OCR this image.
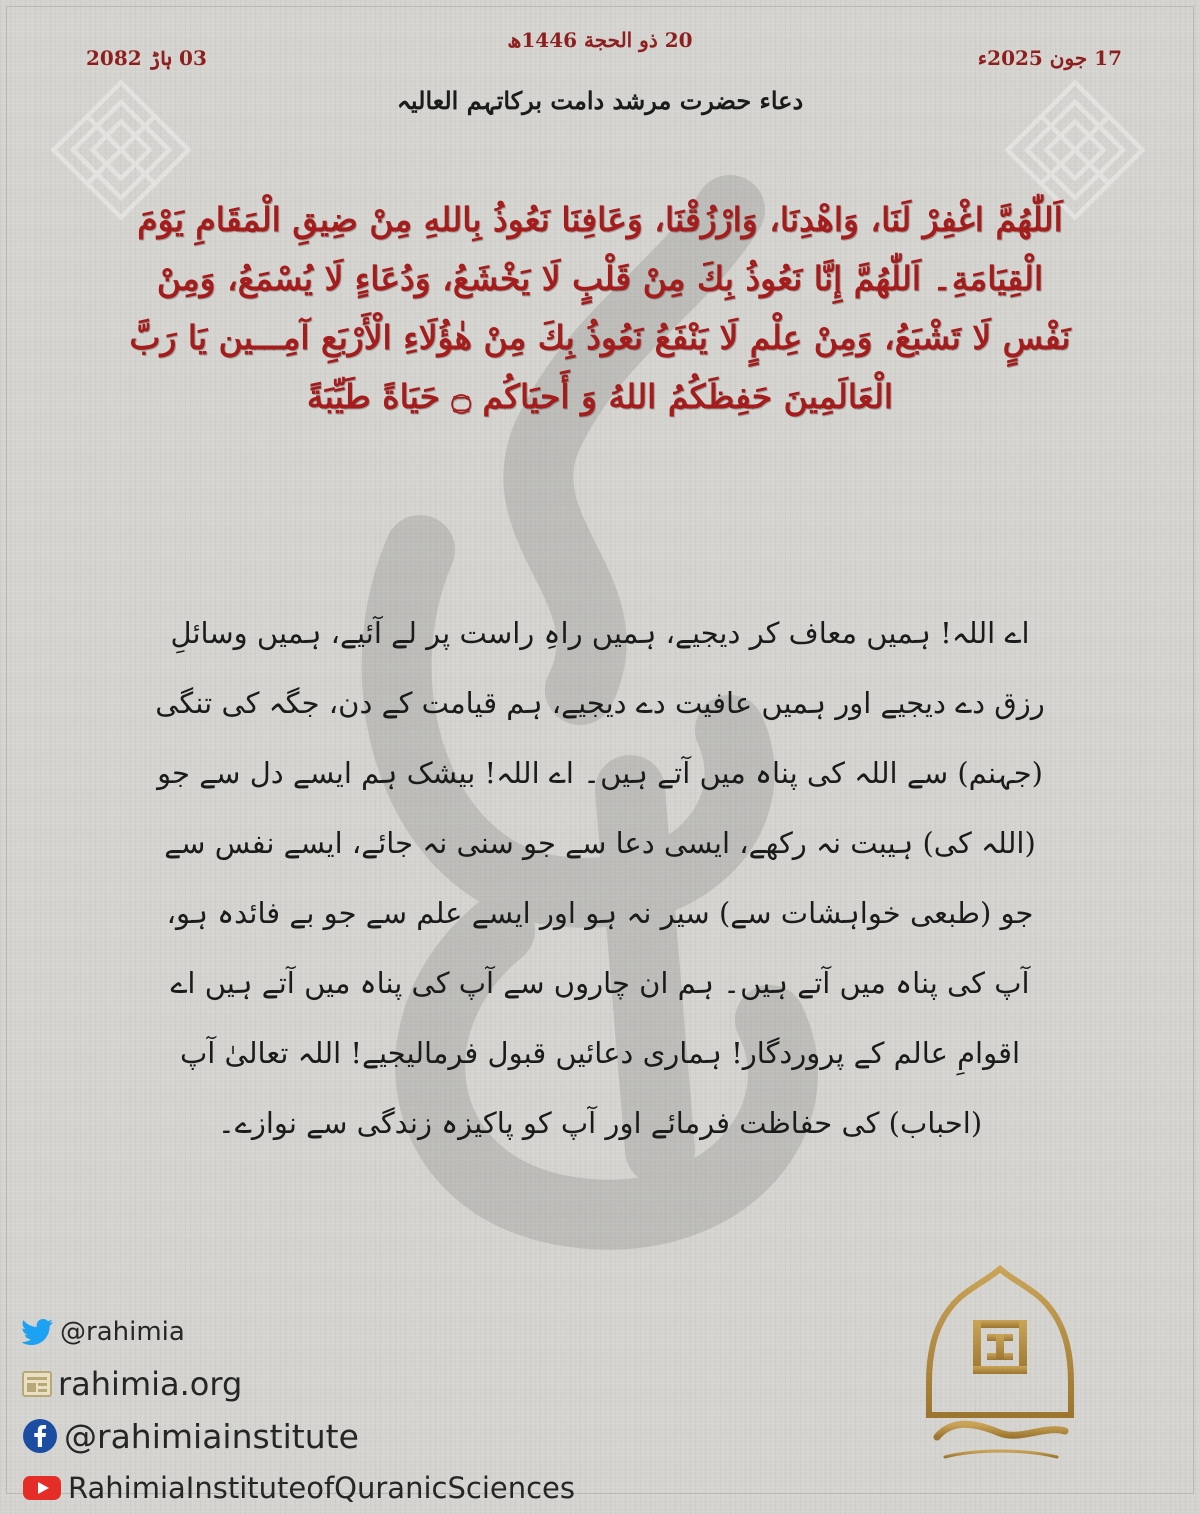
20 ذو الحجة 1446ھ
17 جون 2025ء
03 ہاڑ 2082
دعاء حضرت مرشد دامت برکاتہم العالیہ
اَللّٰهُمَّ اغْفِرْ لَنَا، وَاهْدِنَا، وَارْزُقْنَا، وَعَافِنَا نَعُوذُ بِاللهِ مِنْ ضِيقِ الْمَقَامِ يَوْمَ الْقِيَامَةِ۔ اَللّٰهُمَّ إِنَّا نَعُوذُ بِكَ مِنْ قَلْبٍ لَا يَخْشَعُ، وَدُعَاءٍ لَا يُسْمَعُ، وَمِنْ نَفْسٍ لَا تَشْبَعُ، وَمِنْ عِلْمٍ لَا يَنْفَعُ نَعُوذُ بِكَ مِنْ هٰؤُلَاءِ الْأَرْبَعِ آمِـــين يَا رَبَّ الْعَالَمِينَ حَفِظَكُمُ اللهُ وَ أَحيَاكُم ۝ حَيَاةً طَيِّبَةً
اے اللہ! ہمیں معاف کر دیجیے، ہمیں راہِ راست پر لے آئیے، ہمیں وسائلِ رزق دے دیجیے اور ہمیں عافیت دے دیجیے، ہم قیامت کے دن، جگہ کی تنگی (جہنم) سے اللہ کی پناہ میں آتے ہیں۔ اے اللہ! بیشک ہم ایسے دل سے جو (اللہ کی) ہیبت نہ رکھے، ایسی دعا سے جو سنی نہ جائے، ایسے نفس سے جو (طبعی خواہشات سے) سیر نہ ہو اور ایسے علم سے جو بے فائدہ ہو، آپ کی پناہ میں آتے ہیں۔ ہم ان چاروں سے آپ کی پناہ میں آتے ہیں اے اقوامِ عالم کے پروردگار! ہماری دعائیں قبول فرمالیجیے! اللہ تعالیٰ آپ (احباب) کی حفاظت فرمائے اور آپ کو پاکیزہ زندگی سے نوازے۔
@rahimia
rahimia.org
@rahimiainstitute
RahimiaInstituteofQuranicSciences
